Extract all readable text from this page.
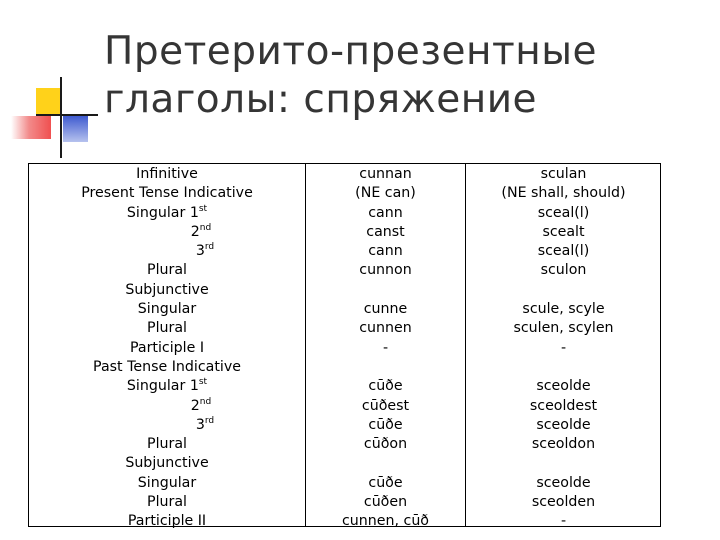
Претерито-презентные
глаголы: спряжение
Infinitive
Present Tense Indicative
Singular 1st
2nd
3rd
Plural
Subjunctive
Singular
Plural
Participle I
Past Tense Indicative
Singular 1st
2nd
3rd
Plural
Subjunctive
Singular
Plural
Participle II
cunnan
(NE can)
cann
canst
cann
cunnon
cunne
cunnen
-
cūðe
cūðest
cūðe
cūðon
cūðe
cūðen
cunnen, cūð
sculan
(NE shall, should)
sceal(l)
scealt
sceal(l)
sculon
scule, scyle
sculen, scylen
-
sceolde
sceoldest
sceolde
sceoldon
sceolde
sceolden
-
